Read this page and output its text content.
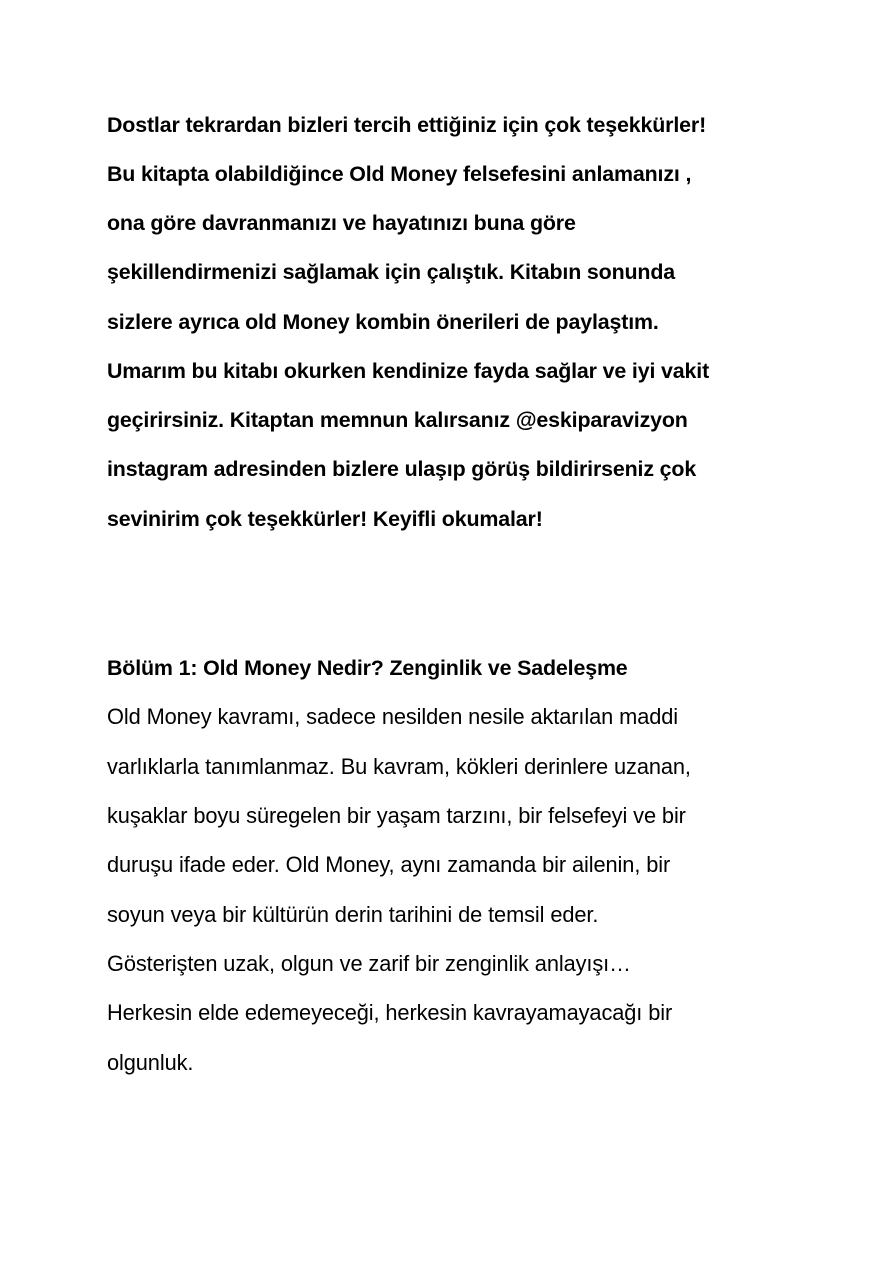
Dostlar tekrardan bizleri tercih ettiğiniz için çok teşekkürler!
Bu kitapta olabildiğince Old Money felsefesini anlamanızı ,
ona göre davranmanızı ve hayatınızı buna göre
şekillendirmenizi sağlamak için çalıştık. Kitabın sonunda
sizlere ayrıca old Money kombin önerileri de paylaştım.
Umarım bu kitabı okurken kendinize fayda sağlar ve iyi vakit
geçirirsiniz. Kitaptan memnun kalırsanız @eskiparavizyon
instagram adresinden bizlere ulaşıp görüş bildirirseniz çok
sevinirim çok teşekkürler! Keyifli okumalar!
Bölüm 1: Old Money Nedir? Zenginlik ve Sadeleşme
Old Money kavramı, sadece nesilden nesile aktarılan maddi
varlıklarla tanımlanmaz. Bu kavram, kökleri derinlere uzanan,
kuşaklar boyu süregelen bir yaşam tarzını, bir felsefeyi ve bir
duruşu ifade eder. Old Money, aynı zamanda bir ailenin, bir
soyun veya bir kültürün derin tarihini de temsil eder.
Gösterişten uzak, olgun ve zarif bir zenginlik anlayışı…
Herkesin elde edemeyeceği, herkesin kavrayamayacağı bir
olgunluk.
